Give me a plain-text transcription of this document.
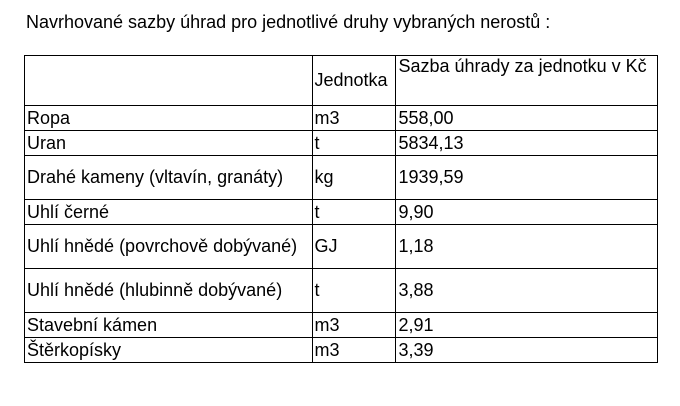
Navrhované sazby úhrad pro jednotlivé druhy vybraných nerostů :
	Jednotka	Sazba úhrady za jednotku v Kč
Ropa	m3	558,00
Uran	t	5834,13
Drahé kameny (vltavín, granáty)	kg	1939,59
Uhlí černé	t	9,90
Uhlí hnědé (povrchově dobývané)	GJ	1,18
Uhlí hnědé (hlubinně dobývané)	t	3,88
Stavební kámen	m3	2,91
Štěrkopísky	m3	3,39
